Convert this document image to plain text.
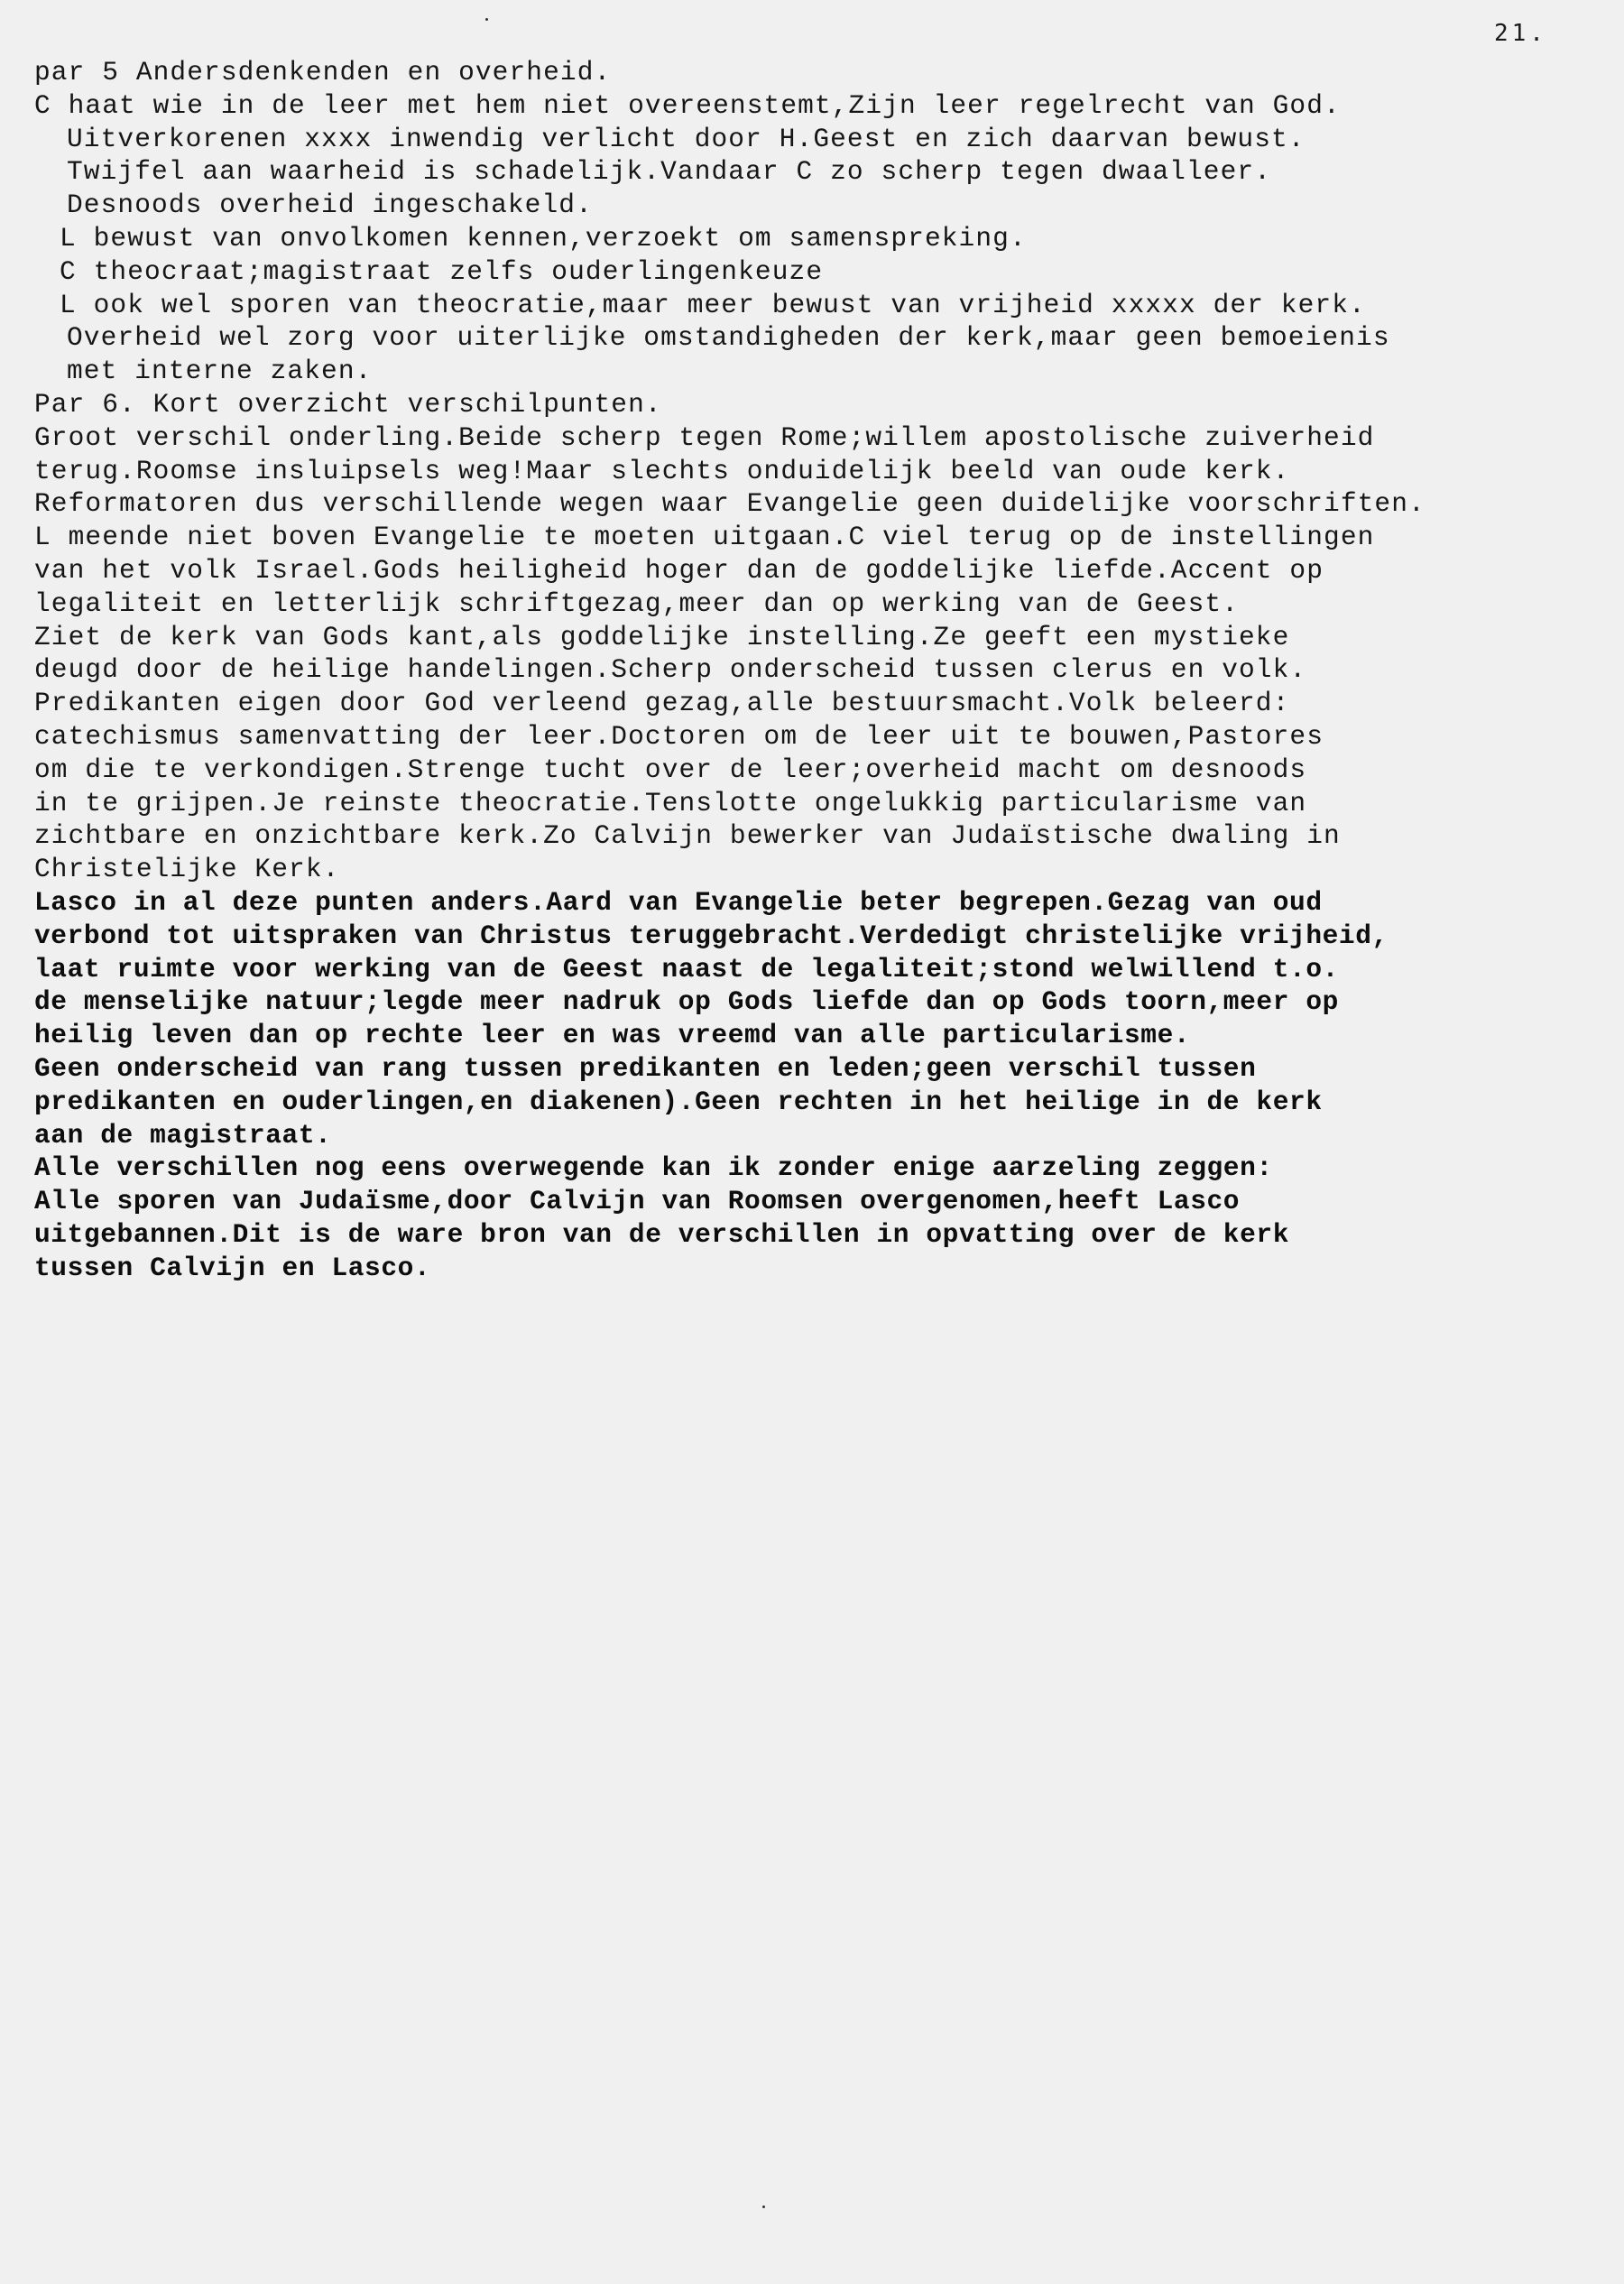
21.
par 5 Andersdenkenden en overheid.
C haat wie in de leer met hem niet overeenstemt,Zijn leer regelrecht van God.
Uitverkorenen xxxx inwendig verlicht door H.Geest en zich daarvan bewust.
Twijfel aan waarheid is schadelijk.Vandaar C zo scherp tegen dwaalleer.
Desnoods overheid ingeschakeld.
L bewust van onvolkomen kennen,verzoekt om samenspreking.
C theocraat;magistraat zelfs ouderlingenkeuze
L ook wel sporen van theocratie,maar meer bewust van vrijheid xxxxx der kerk.
Overheid wel zorg voor uiterlijke omstandigheden der kerk,maar geen bemoeienis
met interne zaken.
Par 6. Kort overzicht verschilpunten.
Groot verschil onderling.Beide scherp tegen Rome;willem apostolische zuiverheid
terug.Roomse insluipsels weg!Maar slechts onduidelijk beeld van oude kerk.
Reformatoren dus verschillende wegen waar Evangelie geen duidelijke voorschriften.
L meende niet boven Evangelie te moeten uitgaan.C viel terug op de instellingen
van het volk Israel.Gods heiligheid hoger dan de goddelijke liefde.Accent op
legaliteit en letterlijk schriftgezag,meer dan op werking van de Geest.
Ziet de kerk van Gods kant,als goddelijke instelling.Ze geeft een mystieke
deugd door de heilige handelingen.Scherp onderscheid tussen clerus en volk.
Predikanten eigen door God verleend gezag,alle bestuursmacht.Volk beleerd:
catechismus samenvatting der leer.Doctoren om de leer uit te bouwen,Pastores
om die te verkondigen.Strenge tucht over de leer;overheid macht om desnoods
in te grijpen.Je reinste theocratie.Tenslotte ongelukkig particularisme van
zichtbare en onzichtbare kerk.Zo Calvijn bewerker van Judaïstische dwaling in
Christelijke Kerk.
Lasco in al deze punten anders.Aard van Evangelie beter begrepen.Gezag van oud
verbond tot uitspraken van Christus teruggebracht.Verdedigt christelijke vrijheid,
laat ruimte voor werking van de Geest naast de legaliteit;stond welwillend t.o.
de menselijke natuur;legde meer nadruk op Gods liefde dan op Gods toorn,meer op
heilig leven dan op rechte leer en was vreemd van alle particularisme.
Geen onderscheid van rang tussen predikanten en leden;geen verschil tussen
predikanten en ouderlingen,en diakenen).Geen rechten in het heilige in de kerk
aan de magistraat.
Alle verschillen nog eens overwegende kan ik zonder enige aarzeling zeggen:
Alle sporen van Judaïsme,door Calvijn van Roomsen overgenomen,heeft Lasco
uitgebannen.Dit is de ware bron van de verschillen in opvatting over de kerk
tussen Calvijn en Lasco.
